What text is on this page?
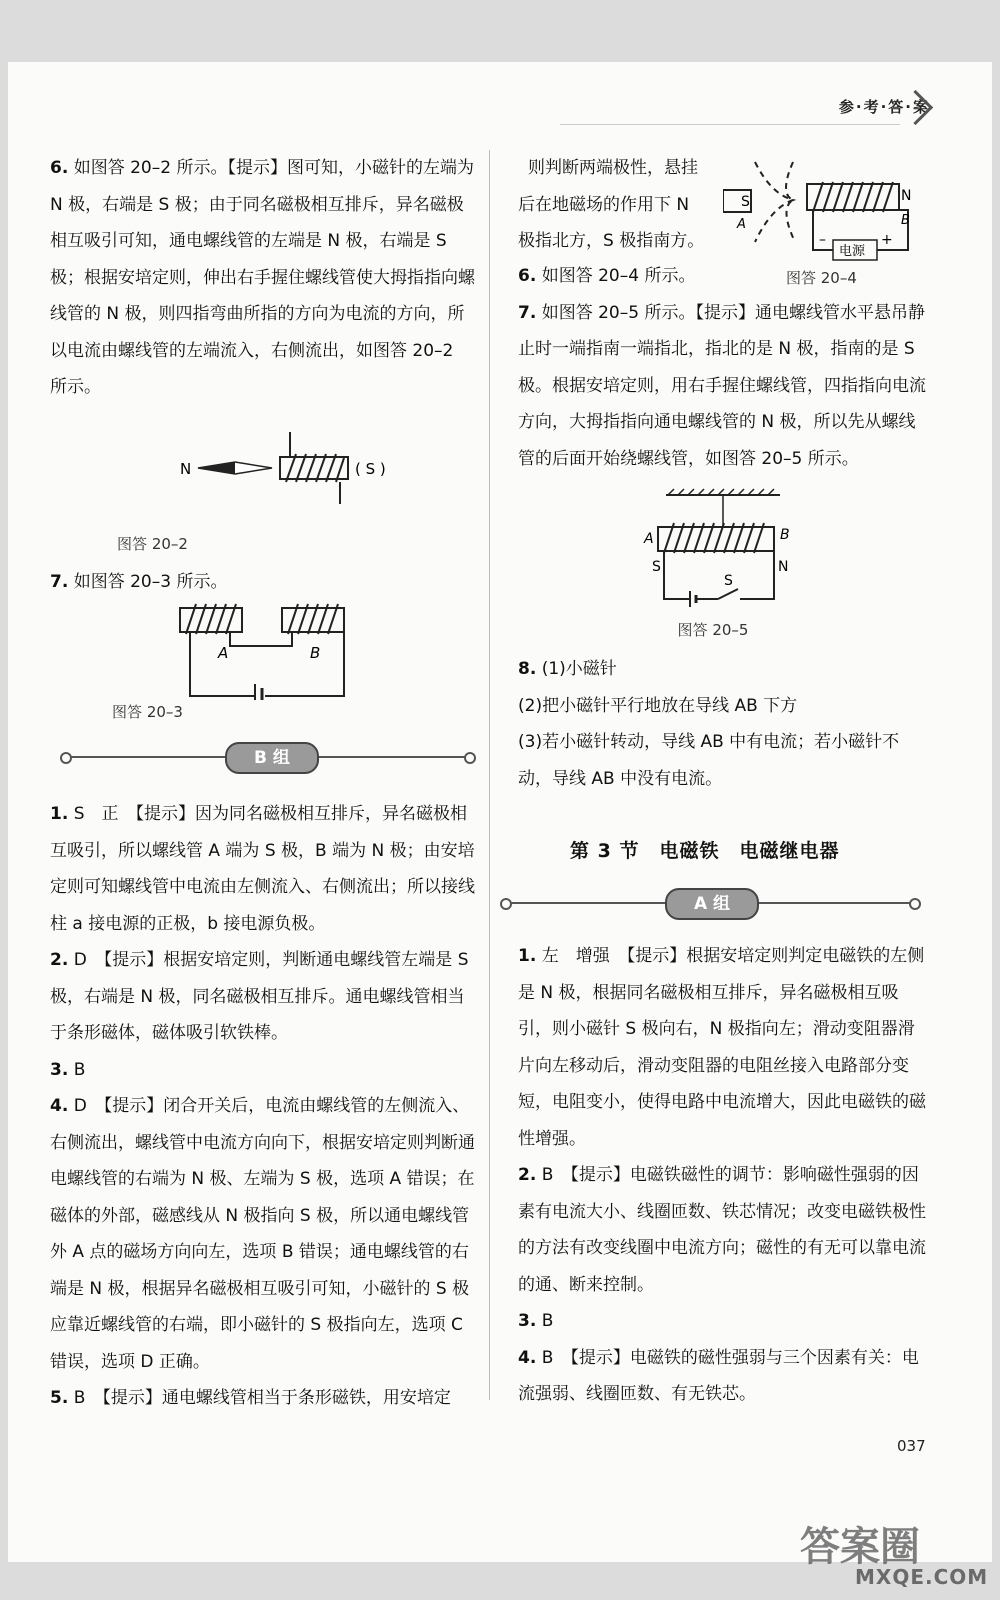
参·考·答·案

6. 如图答 20–2 所示。【提示】图可知，小磁针的左端为 N 极，右端是 S 极；由于同名磁极相互排斥，异名磁极相互吸引可知，通电螺线管的左端是 N 极，右端是 S 极；根据安培定则，伸出右手握住螺线管使大拇指指向螺线管的 N 极，则四指弯曲所指的方向为电流的方向，所以电流由螺线管的左端流入，右侧流出，如图答 20–2 所示。

N	( S )
图答 20–2

7. 如图答 20–3 所示。

A	B
图答 20–3
B 组

1. S　正　【提示】因为同名磁极相互排斥，异名磁极相互吸引，所以螺线管 A 端为 S 极，B 端为 N 极；由安培定则可知螺线管中电流由左侧流入、右侧流出；所以接线柱 a 接电源的正极，b 接电源负极。

2. D　【提示】根据安培定则，判断通电螺线管左端是 S 极，右端是 N 极，同名磁极相互排斥。通电螺线管相当于条形磁体，磁体吸引软铁棒。

3. B

4. D　【提示】闭合开关后，电流由螺线管的左侧流入、右侧流出，螺线管中电流方向向下，根据安培定则判断通电螺线管的右端为 N 极、左端为 S 极，选项 A 错误；在磁体的外部，磁感线从 N 极指向 S 极，所以通电螺线管外 A 点的磁场方向向左，选项 B 错误；通电螺线管的右端是 N 极，根据异名磁极相互吸引可知，小磁针的 S 极应靠近螺线管的右端，即小磁针的 S 极指向左，选项 C 错误，选项 D 正确。

5. B　【提示】通电螺线管相当于条形磁铁，用安培定

则判断两端极性，悬挂

后在地磁场的作用下 N

极指北方，S 极指南方。

S
A
N
B
–
电源
+

6. 如图答 20–4 所示。	图答 20–4

7. 如图答 20–5 所示。【提示】通电螺线管水平悬吊静止时一端指南一端指北，指北的是 N 极，指南的是 S 极。根据安培定则，用右手握住螺线管，四指指向电流方向，大拇指指向通电螺线管的 N 极，所以先从螺线管的后面开始绕螺线管，如图答 20–5 所示。

A	B
S	N
S
图答 20–5

8. (1)小磁针

(2)把小磁针平行地放在导线 AB 下方

(3)若小磁针转动，导线 AB 中有电流；若小磁针不动，导线 AB 中没有电流。

第 3 节　电磁铁　电磁继电器
A 组

1. 左　增强　【提示】根据安培定则判定电磁铁的左侧是 N 极，根据同名磁极相互排斥，异名磁极相互吸引，则小磁针 S 极向右，N 极指向左；滑动变阻器滑片向左移动后，滑动变阻器的电阻丝接入电路部分变短，电阻变小，使得电路中电流增大，因此电磁铁的磁性增强。

2. B　【提示】电磁铁磁性的调节：影响磁性强弱的因素有电流大小、线圈匝数、铁芯情况；改变电磁铁极性的方法有改变线圈中电流方向；磁性的有无可以靠电流的通、断来控制。

3. B

4. B　【提示】电磁铁的磁性强弱与三个因素有关：电流强弱、线圈匝数、有无铁芯。

037
答案圈
MXQE.COM
